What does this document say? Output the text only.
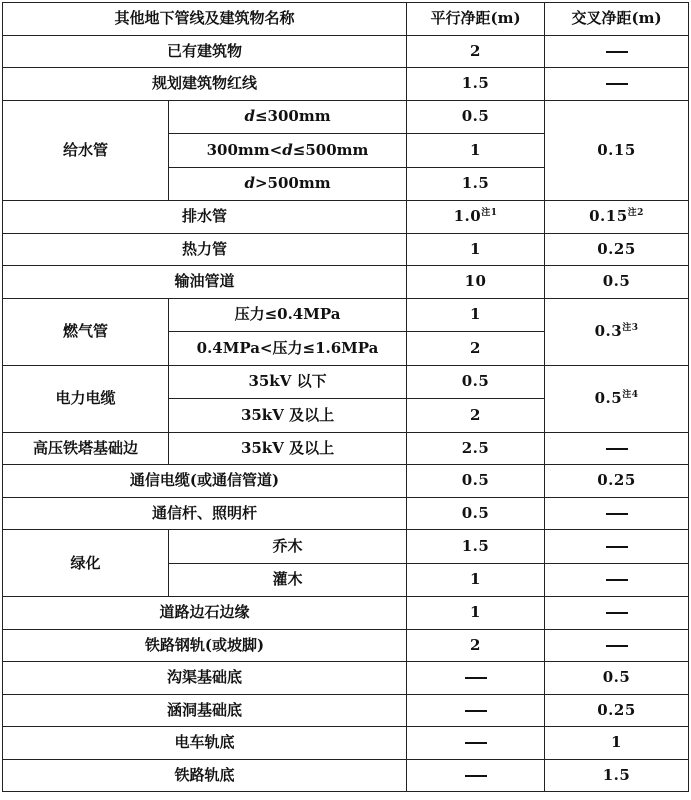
其他地下管线及建筑物名称		平行净距(m)	交叉净距(m)
已有建筑物		2	
规划建筑物红线		1.5	
给水管	d≤300mm	0.5	0.15
	300mm<d≤500mm	1	
	d>500mm	1.5	
排水管		1.0$^{注1}$	0.15$^{注2}$
热力管		1	0.25
输油管道		10	0.5
燃气管	压力≤0.4MPa	1	0.3$^{注3}$
	0.4MPa<压力≤1.6MPa	2	
电力电缆	35kV 以下	0.5	0.5$^{注4}$
	35kV 及以上	2	
高压铁塔基础边	35kV 及以上	2.5	
通信电缆(或通信管道)		0.5	0.25
通信杆、照明杆		0.5	
绿化	乔木	1.5	
	灌木	1	
道路边石边缘		1	
铁路钢轨(或坡脚)		2	
沟渠基础底			0.5
涵洞基础底			0.25
电车轨底			1
铁路轨底			1.5
